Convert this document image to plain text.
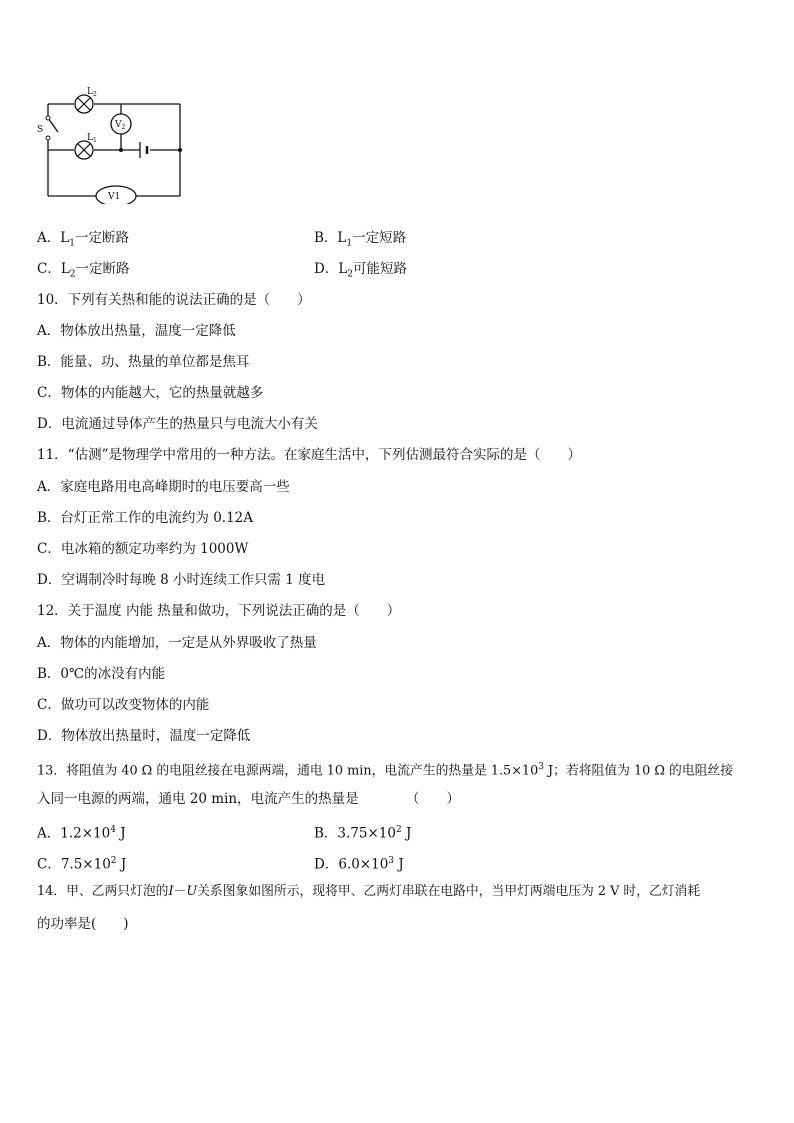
S
$L_2$
$L_1$
$V_2$
V1
A．$L_1$一定断路	B．$L_1$一定短路
C．$L_2$一定断路	D．$L_2$可能短路
10．下列有关热和能的说法正确的是（　　）
A．物体放出热量，温度一定降低
B．能量、功、热量的单位都是焦耳
C．物体的内能越大，它的热量就越多
D．电流通过导体产生的热量只与电流大小有关
11．“估测”是物理学中常用的一种方法。在家庭生活中，下列估测最符合实际的是（　　）
A．家庭电路用电高峰期时的电压要高一些
B．台灯正常工作的电流约为 0.12A
C．电冰箱的额定功率约为 1000W
D．空调制冷时每晚 8 小时连续工作只需 1 度电
12．关于温度 内能 热量和做功，下列说法正确的是（　　）
A．物体的内能增加，一定是从外界吸收了热量
B．0℃的冰没有内能
C．做功可以改变物体的内能
D．物体放出热量时，温度一定降低
13．将阻值为 40 Ω 的电阻丝接在电源两端，通电 10 min，电流产生的热量是 $1.5\times 10^3$ J；若将阻值为 10 Ω 的电阻丝接
入同一电源的两端，通电 20 min，电流产生的热量是　　　　（　　）
A．$1.2\times 10^4$ J	B．$3.75\times 10^2$ J
C．$7.5\times 10^2$ J	D．$6.0\times 10^3$ J
14．甲、乙两只灯泡的I－U关系图象如图所示，现将甲、乙两灯串联在电路中，当甲灯两端电压为 2 V 时，乙灯消耗
的功率是(　　)
